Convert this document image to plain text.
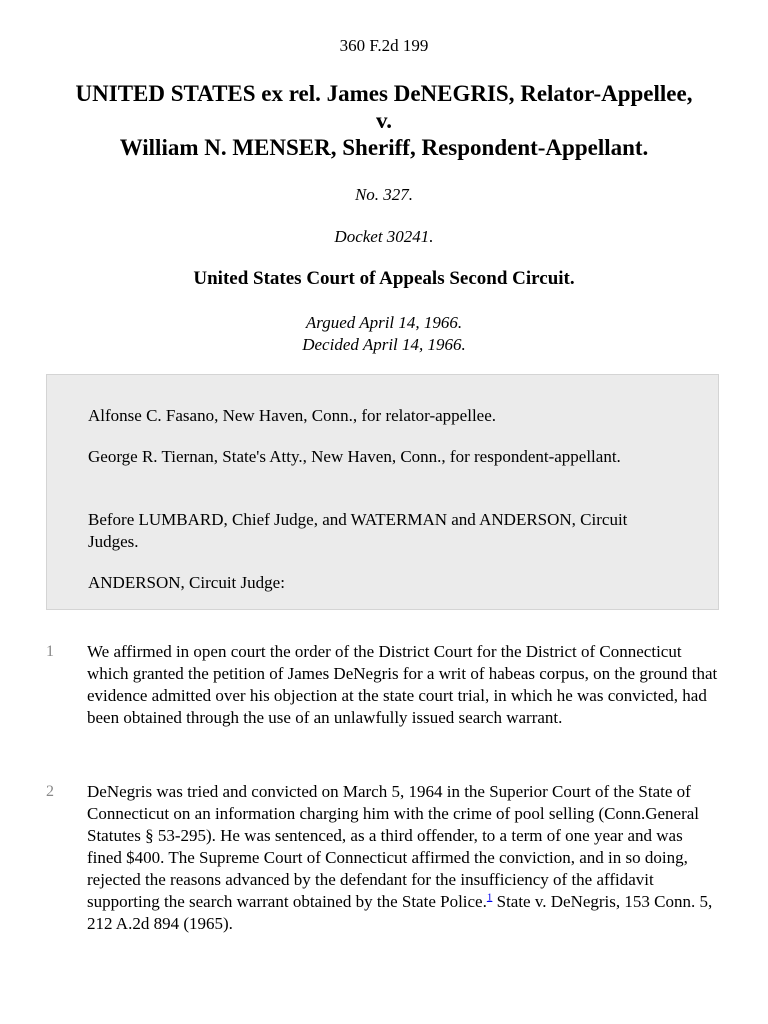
360 F.2d 199
UNITED STATES ex rel. James DeNEGRIS, Relator-Appellee,
v.
William N. MENSER, Sheriff, Respondent-Appellant.
No. 327.
Docket 30241.
United States Court of Appeals Second Circuit.
Argued April 14, 1966.
Decided April 14, 1966.

Alfonse C. Fasano, New Haven, Conn., for relator-appellee.

George R. Tiernan, State's Atty., New Haven, Conn., for respondent-appellant.

Before LUMBARD, Chief Judge, and WATERMAN and ANDERSON, Circuit Judges.

ANDERSON, Circuit Judge:

1 We affirmed in open court the order of the District Court for the District of Connecticut which granted the petition of James DeNegris for a writ of habeas corpus, on the ground that evidence admitted over his objection at the state court trial, in which he was convicted, had been obtained through the use of an unlawfully issued search warrant.

2 DeNegris was tried and convicted on March 5, 1964 in the Superior Court of the State of Connecticut on an information charging him with the crime of pool selling (Conn.General Statutes § 53-295). He was sentenced, as a third offender, to a term of one year and was fined $400. The Supreme Court of Connecticut affirmed the conviction, and in so doing, rejected the reasons advanced by the defendant for the insufficiency of the affidavit supporting the search warrant obtained by the State Police.$^1$ State v. DeNegris, 153 Conn. 5, 212 A.2d 894 (1965).
